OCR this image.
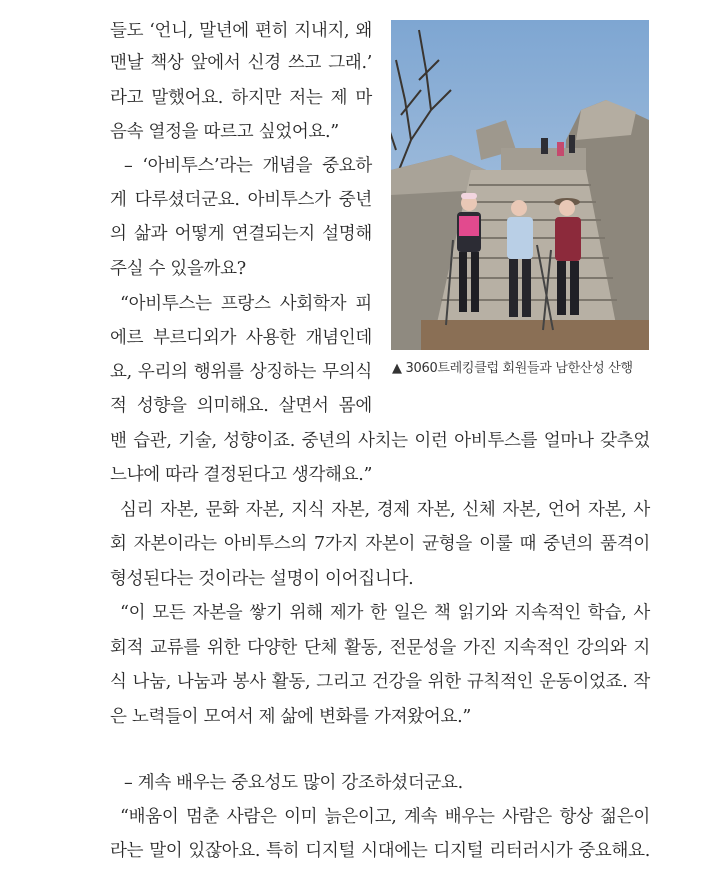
들도 ‘언니, 말년에 편히 지내지, 왜
맨날 책상 앞에서 신경 쓰고 그래.’
라고 말했어요. 하지만 저는 제 마
음속 열정을 따르고 싶었어요.”
– ‘아비투스’라는 개념을 중요하
게 다루셨더군요. 아비투스가 중년
의 삶과 어떻게 연결되는지 설명해
주실 수 있을까요?
“아비투스는 프랑스 사회학자 피
에르 부르디외가 사용한 개념인데
요, 우리의 행위를 상징하는 무의식
적 성향을 의미해요. 살면서 몸에
밴 습관, 기술, 성향이죠. 중년의 사치는 이런 아비투스를 얼마나 갖추었
느냐에 따라 결정된다고 생각해요.”
심리 자본, 문화 자본, 지식 자본, 경제 자본, 신체 자본, 언어 자본, 사
회 자본이라는 아비투스의 7가지 자본이 균형을 이룰 때 중년의 품격이
형성된다는 것이라는 설명이 이어집니다.
“이 모든 자본을 쌓기 위해 제가 한 일은 책 읽기와 지속적인 학습, 사
회적 교류를 위한 다양한 단체 활동, 전문성을 가진 지속적인 강의와 지
식 나눔, 나눔과 봉사 활동, 그리고 건강을 위한 규칙적인 운동이었죠. 작
은 노력들이 모여서 제 삶에 변화를 가져왔어요.”
– 계속 배우는 중요성도 많이 강조하셨더군요.
“배움이 멈춘 사람은 이미 늙은이고, 계속 배우는 사람은 항상 젊은이
라는 말이 있잖아요. 특히 디지털 시대에는 디지털 리터러시가 중요해요.
▲ 3060트레킹클럽 회원들과 남한산성 산행
